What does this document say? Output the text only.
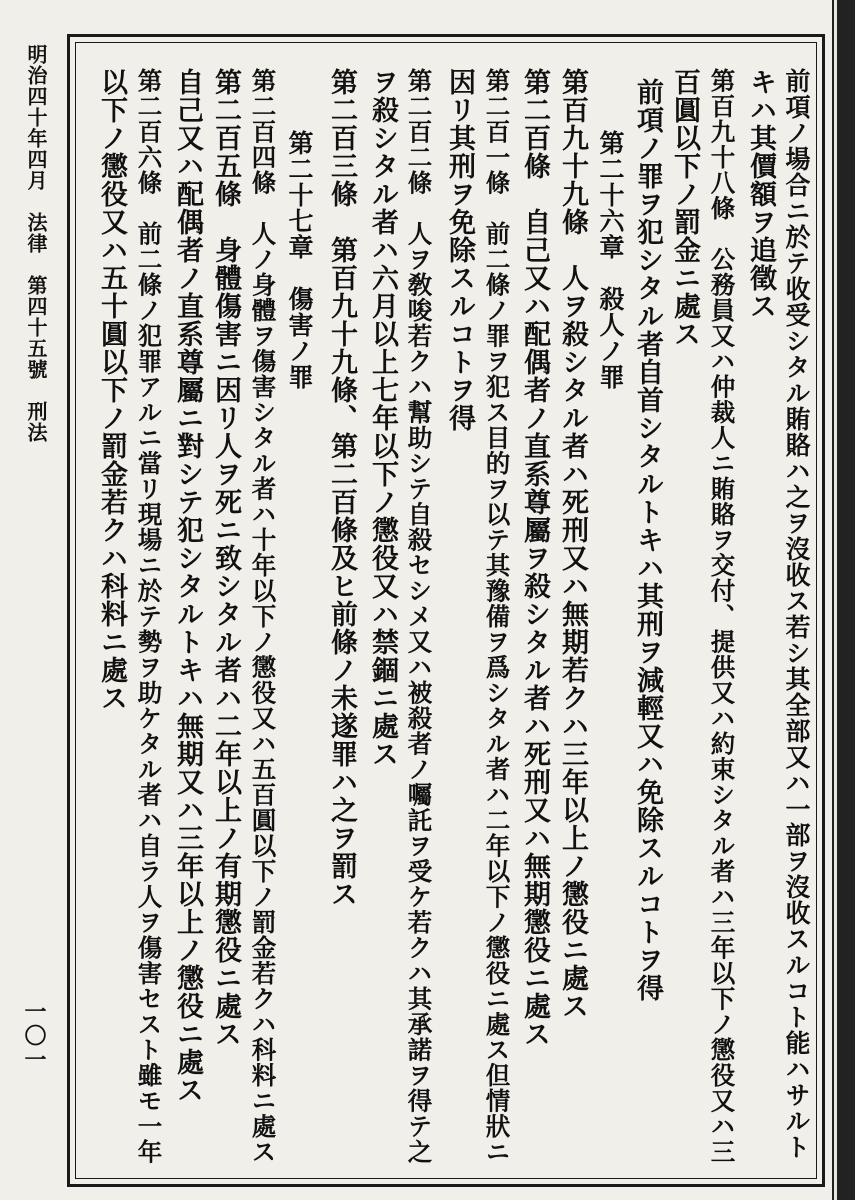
明治四十年四月　法律　第四十五號　刑法
一〇一	前項ノ場合ニ於テ收受シタル賄賂ハ之ヲ沒收ス若シ其全部又ハ一部ヲ沒收スルコト能ハサルト
キハ其價額ヲ追徵ス
第百九十八條　公務員又ハ仲裁人ニ賄賂ヲ交付、提供又ハ約束シタル者ハ三年以下ノ懲役又ハ三
百圓以下ノ罰金ニ處ス
前項ノ罪ヲ犯シタル者自首シタルトキハ其刑ヲ減輕又ハ免除スルコトヲ得
第二十六章　殺人ノ罪
第百九十九條　人ヲ殺シタル者ハ死刑又ハ無期若クハ三年以上ノ懲役ニ處ス
第二百條　自己又ハ配偶者ノ直系尊屬ヲ殺シタル者ハ死刑又ハ無期懲役ニ處ス
第二百一條　前二條ノ罪ヲ犯ス目的ヲ以テ其豫備ヲ爲シタル者ハ二年以下ノ懲役ニ處ス但情狀ニ
因リ其刑ヲ免除スルコトヲ得
第二百二條　人ヲ敎唆若クハ幫助シテ自殺セシメ又ハ被殺者ノ囑託ヲ受ケ若クハ其承諾ヲ得テ之
ヲ殺シタル者ハ六月以上七年以下ノ懲役又ハ禁錮ニ處ス
第二百三條　第百九十九條、第二百條及ヒ前條ノ未遂罪ハ之ヲ罰ス
第二十七章　傷害ノ罪
第二百四條　人ノ身體ヲ傷害シタル者ハ十年以下ノ懲役又ハ五百圓以下ノ罰金若クハ科料ニ處ス
第二百五條　身體傷害ニ因リ人ヲ死ニ致シタル者ハ二年以上ノ有期懲役ニ處ス
自己又ハ配偶者ノ直系尊屬ニ對シテ犯シタルトキハ無期又ハ三年以上ノ懲役ニ處ス
第二百六條　前二條ノ犯罪アルニ當リ現場ニ於テ勢ヲ助ケタル者ハ自ラ人ヲ傷害セスト雖モ一年
以下ノ懲役又ハ五十圓以下ノ罰金若クハ科料ニ處ス
